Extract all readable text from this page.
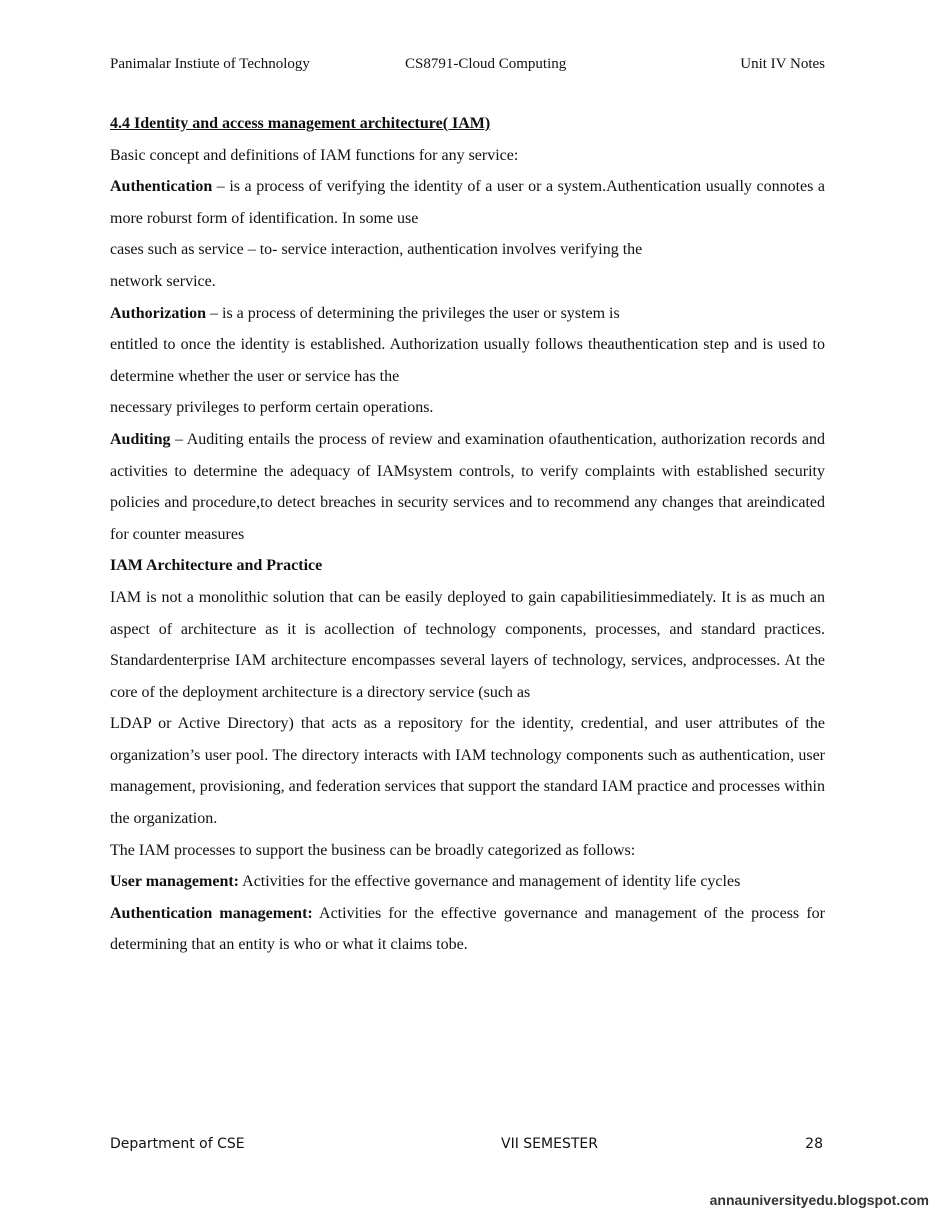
Panimalar Instiute of Technology	CS8791-Cloud Computing	Unit IV Notes

4.4 Identity and access management architecture( IAM)

Basic concept and definitions of IAM functions for any service:

Authentication – is a process of verifying the identity of a user or a system.Authentication usually connotes a more roburst form of identification. In some use

cases such as service – to- service interaction, authentication involves verifying the

network service.

Authorization – is a process of determining the privileges the user or system is

entitled to once the identity is established. Authorization usually follows theauthentication step and is used to determine whether the user or service has the

necessary privileges to perform certain operations.

Auditing – Auditing entails the process of review and examination ofauthentication, authorization records and activities to determine the adequacy of IAMsystem controls, to verify complaints with established security policies and procedure,to detect breaches in security services and to recommend any changes that areindicated for counter measures

IAM Architecture and Practice

IAM is not a monolithic solution that can be easily deployed to gain capabilitiesimmediately. It is as much an aspect of architecture as it is acollection of technology components, processes, and standard practices. Standardenterprise IAM architecture encompasses several layers of technology, services, andprocesses. At the core of the deployment architecture is a directory service (such as

LDAP or Active Directory) that acts as a repository for the identity, credential, and user attributes of the organization’s user pool. The directory interacts with IAM technology components such as authentication, user management, provisioning, and federation services that support the standard IAM practice and processes within the organization.

The IAM processes to support the business can be broadly categorized as follows:

User management: Activities for the effective governance and management of identity life cycles

Authentication management: Activities for the effective governance and management of the process for determining that an entity is who or what it claims tobe.

Department of CSE	VII SEMESTER	28
annauniversityedu.blogspot.com
